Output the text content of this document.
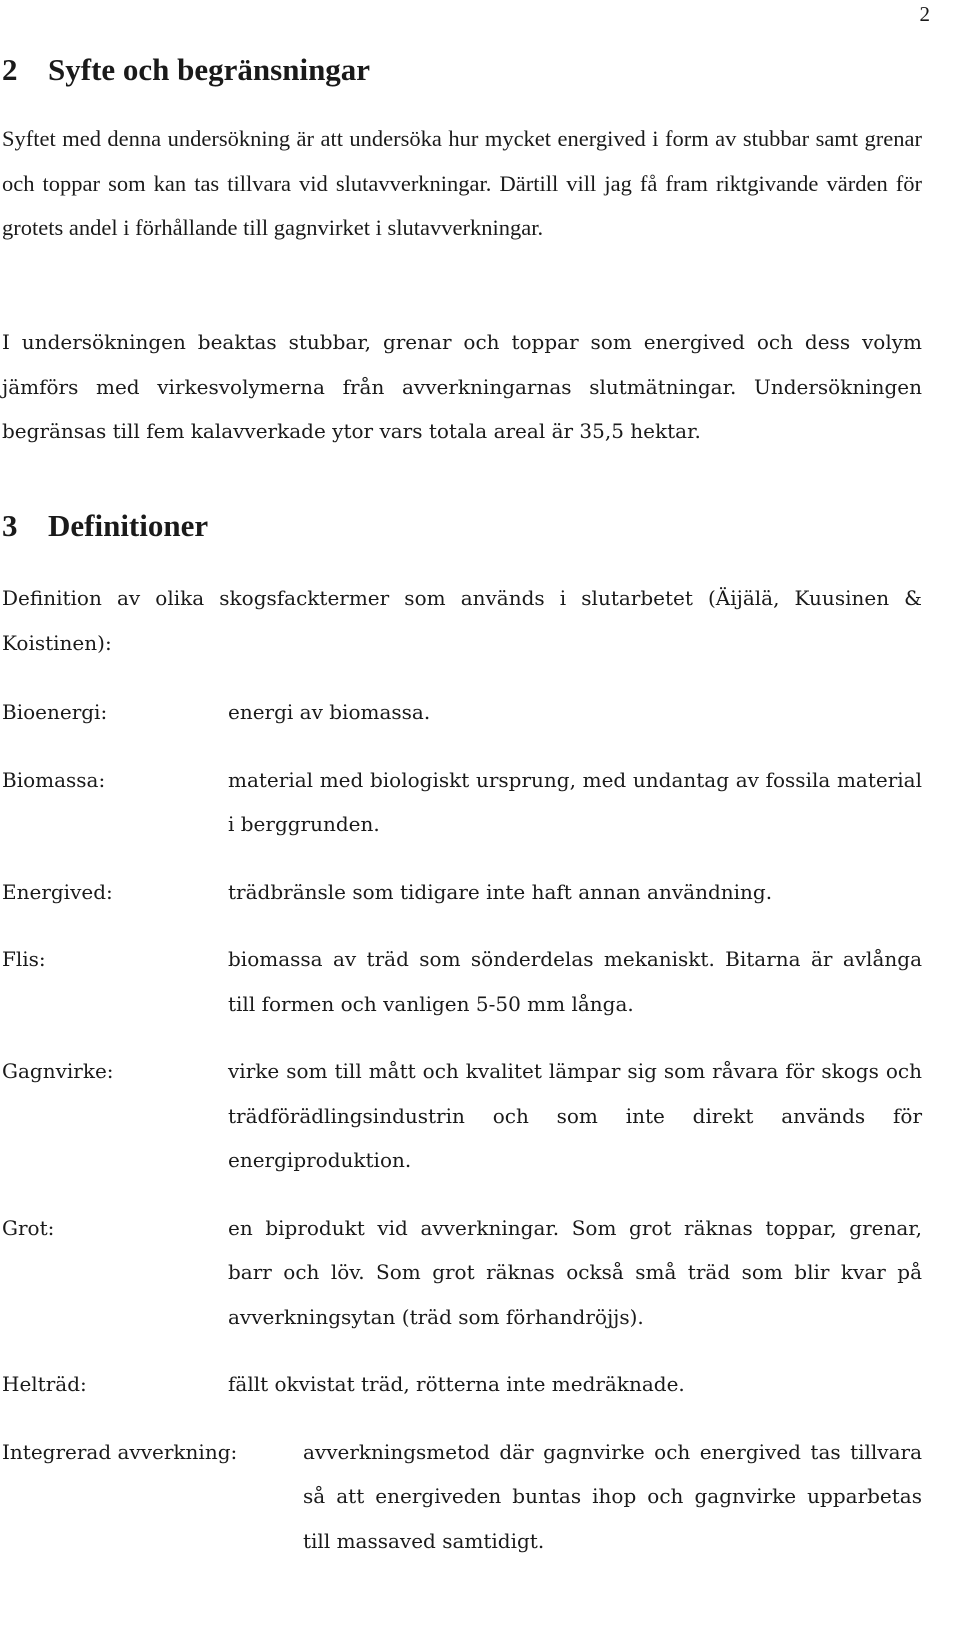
2
2 Syfte och begränsningar

Syftet med denna undersökning är att undersöka hur mycket energived i form av stubbar samt grenar och toppar som kan tas tillvara vid slutavverkningar. Därtill vill jag få fram riktgivande värden för grotets andel i förhållande till gagnvirket i slutavverkningar.

I undersökningen beaktas stubbar, grenar och toppar som energived och dess volym jämförs med virkesvolymerna från avverkningarnas slutmätningar. Undersökningen begränsas till fem kalavverkade ytor vars totala areal är 35,5 hektar.

3 Definitioner

Definition av olika skogsfacktermer som används i slutarbetet (Äijälä, Kuusinen & Koistinen):

Bioenergi:	energi av biomassa.
Biomassa:	material med biologiskt ursprung, med undantag av fossila material i berggrunden.
Energived:	trädbränsle som tidigare inte haft annan användning.
Flis:	biomassa av träd som sönderdelas mekaniskt. Bitarna är avlånga till formen och vanligen 5-50 mm långa.
Gagnvirke:	virke som till mått och kvalitet lämpar sig som råvara för skogs och trädförädlingsindustrin och som inte direkt används för energiproduktion.
Grot:	en biprodukt vid avverkningar. Som grot räknas toppar, grenar, barr och löv. Som grot räknas också små träd som blir kvar på avverkningsytan (träd som förhandröjjs).
Helträd:	fällt okvistat träd, rötterna inte medräknade.
Integrerad avverkning:	avverkningsmetod där gagnvirke och energived tas tillvara så att energiveden buntas ihop och gagnvirke upparbetas till massaved samtidigt.
